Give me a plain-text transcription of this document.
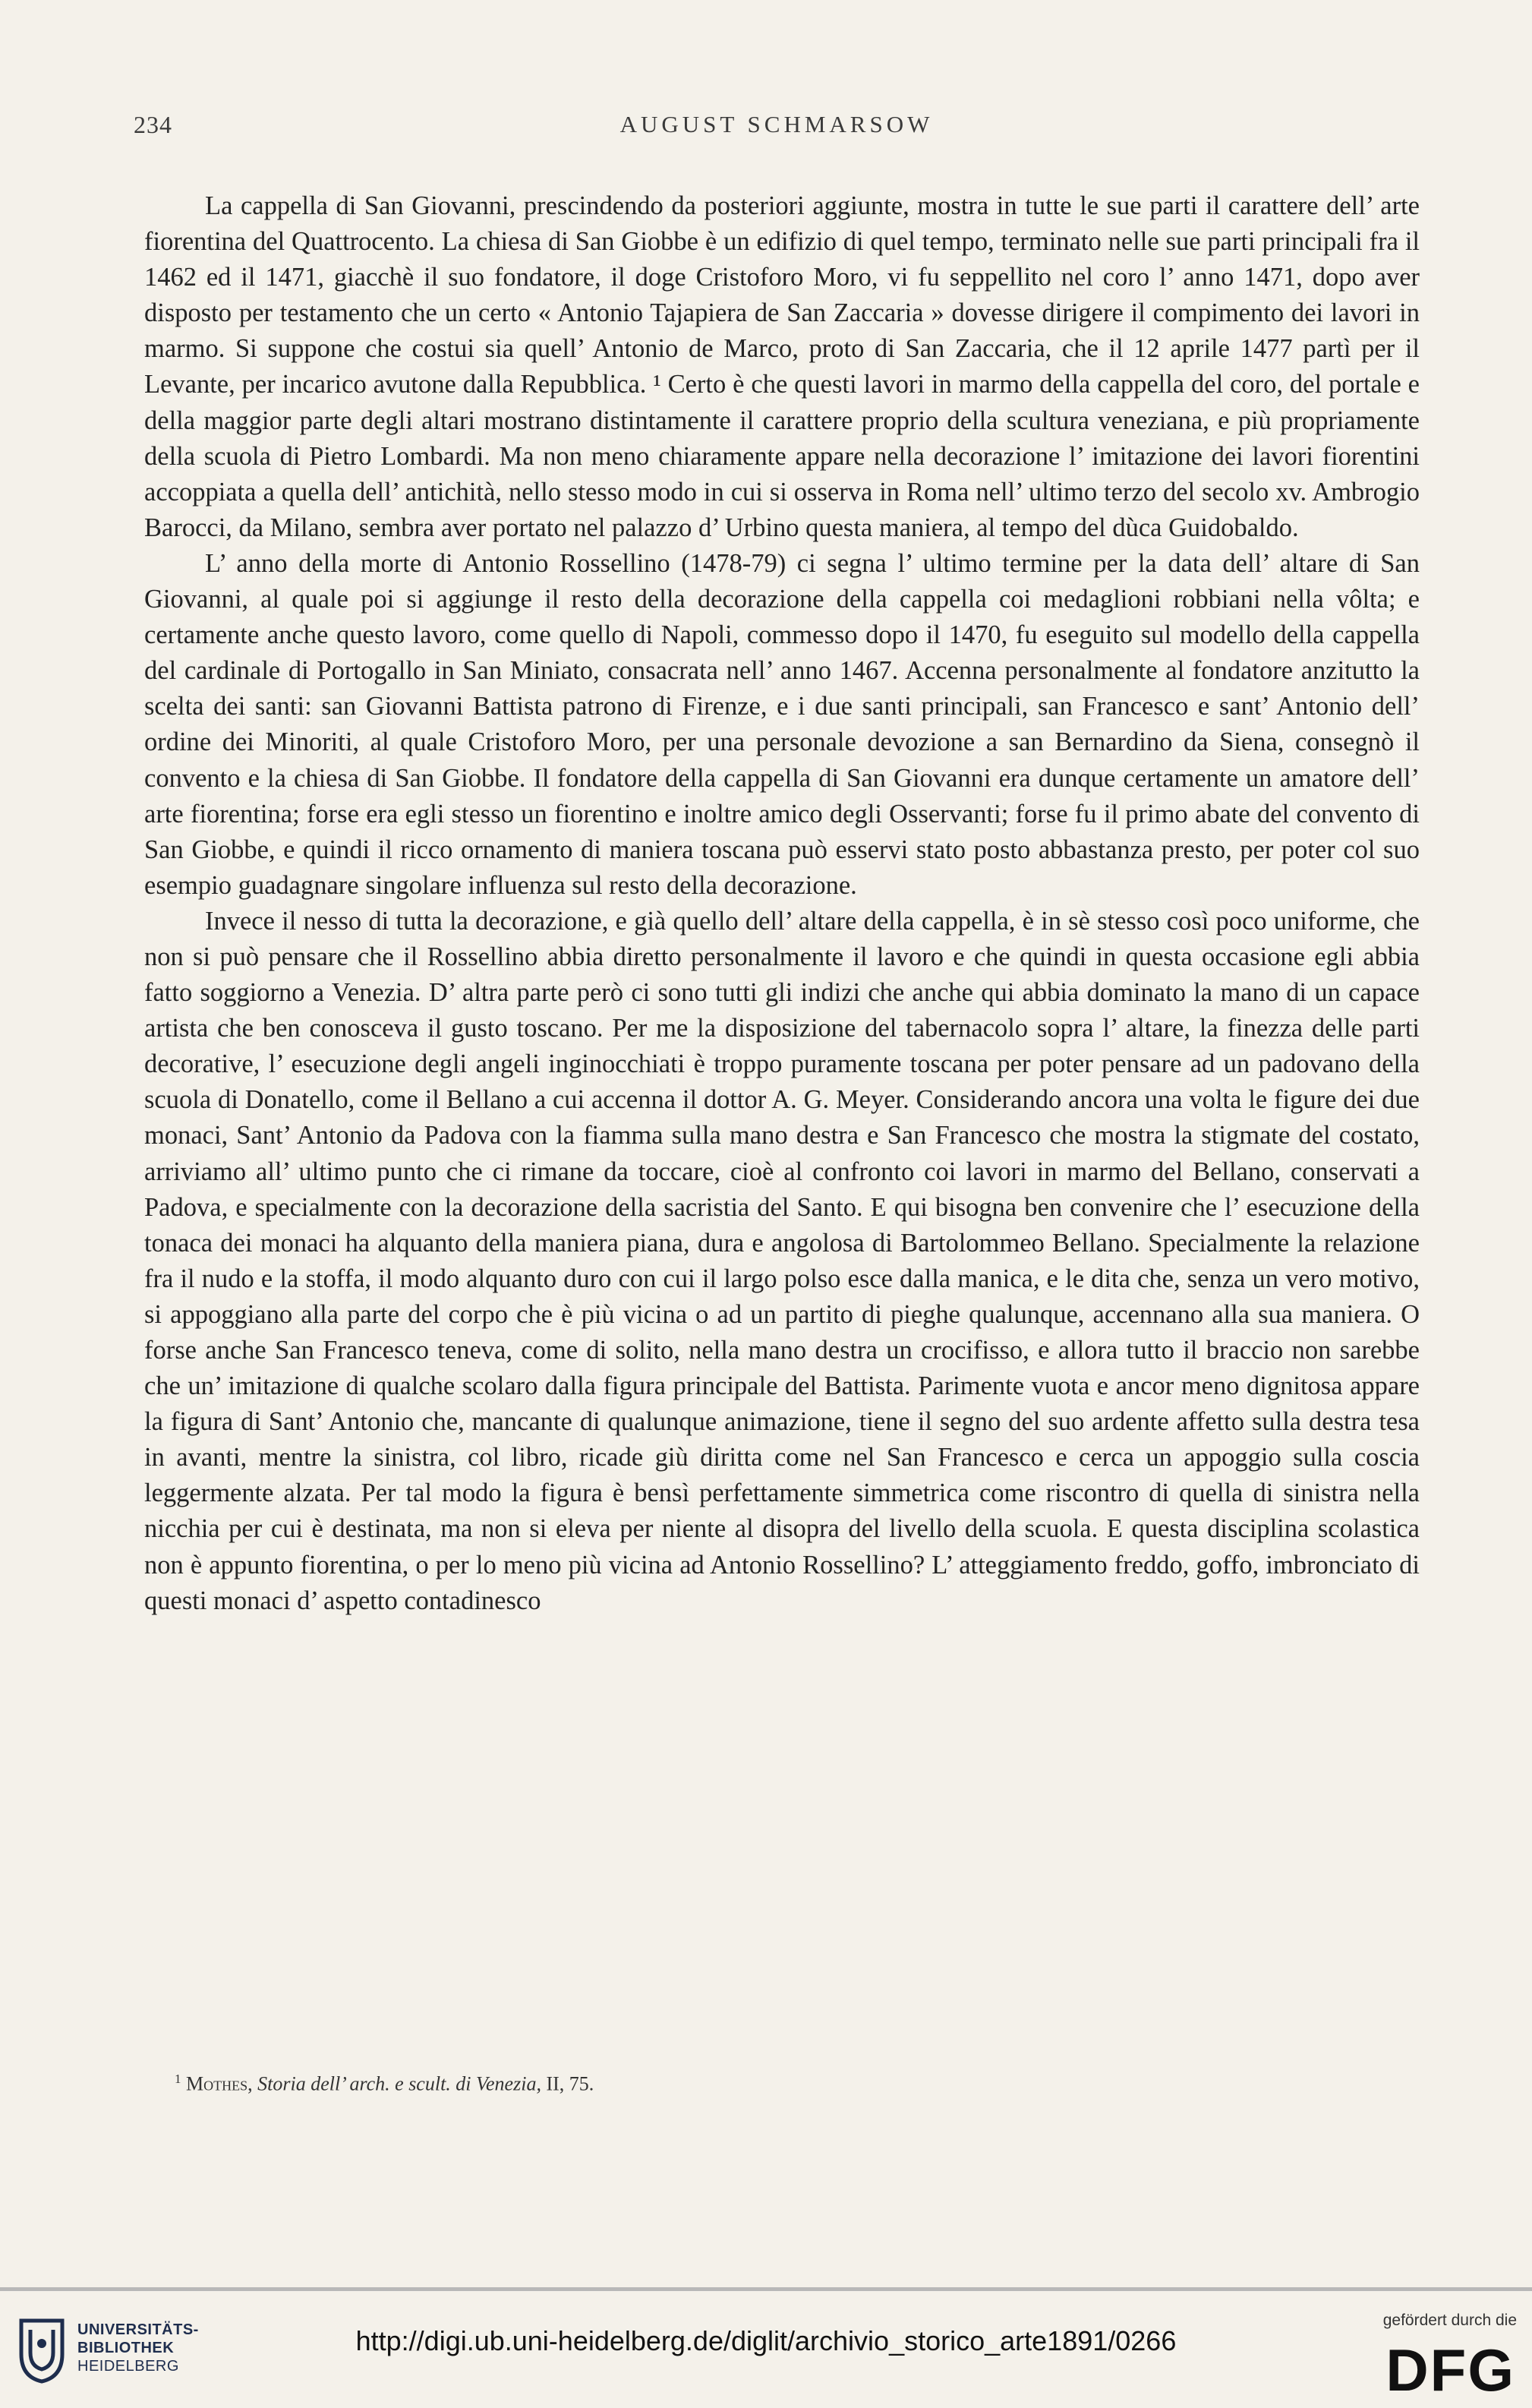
234	AUGUST SCHMARSOW

La cappella di San Giovanni, prescindendo da posteriori aggiunte, mostra in tutte le sue parti il carattere dell’ arte fiorentina del Quattrocento. La chiesa di San Giobbe è un edifizio di quel tempo, terminato nelle sue parti principali fra il 1462 ed il 1471, giacchè il suo fondatore, il doge Cristoforo Moro, vi fu seppellito nel coro l’ anno 1471, dopo aver disposto per testamento che un certo « Antonio Tajapiera de San Zaccaria » dovesse dirigere il compimento dei lavori in marmo. Si suppone che costui sia quell’ Antonio de Marco, proto di San Zaccaria, che il 12 aprile 1477 partì per il Levante, per incarico avutone dalla Repubblica. ¹ Certo è che questi lavori in marmo della cappella del coro, del portale e della maggior parte degli altari mostrano distintamente il carattere proprio della scultura veneziana, e più propriamente della scuola di Pietro Lombardi. Ma non meno chiaramente appare nella decorazione l’ imitazione dei lavori fiorentini accoppiata a quella dell’ antichità, nello stesso modo in cui si osserva in Roma nell’ ultimo terzo del secolo xv. Ambrogio Barocci, da Milano, sembra aver portato nel palazzo d’ Urbino questa maniera, al tempo del dùca Guidobaldo.

L’ anno della morte di Antonio Rossellino (1478-79) ci segna l’ ultimo termine per la data dell’ altare di San Giovanni, al quale poi si aggiunge il resto della decorazione della cappella coi medaglioni robbiani nella vôlta; e certamente anche questo lavoro, come quello di Napoli, commesso dopo il 1470, fu eseguito sul modello della cappella del cardinale di Portogallo in San Miniato, consacrata nell’ anno 1467. Accenna personalmente al fondatore anzitutto la scelta dei santi: san Giovanni Battista patrono di Firenze, e i due santi principali, san Francesco e sant’ Antonio dell’ ordine dei Minoriti, al quale Cristoforo Moro, per una personale devozione a san Bernardino da Siena, consegnò il convento e la chiesa di San Giobbe. Il fondatore della cappella di San Giovanni era dunque certamente un amatore dell’ arte fiorentina; forse era egli stesso un fiorentino e inoltre amico degli Osservanti; forse fu il primo abate del convento di San Giobbe, e quindi il ricco ornamento di maniera toscana può esservi stato posto abbastanza presto, per poter col suo esempio guadagnare singolare influenza sul resto della decorazione.

Invece il nesso di tutta la decorazione, e già quello dell’ altare della cappella, è in sè stesso così poco uniforme, che non si può pensare che il Rossellino abbia diretto personalmente il lavoro e che quindi in questa occasione egli abbia fatto soggiorno a Venezia. D’ altra parte però ci sono tutti gli indizi che anche qui abbia dominato la mano di un capace artista che ben conosceva il gusto toscano. Per me la disposizione del tabernacolo sopra l’ altare, la finezza delle parti decorative, l’ esecuzione degli angeli inginocchiati è troppo puramente toscana per poter pensare ad un padovano della scuola di Donatello, come il Bellano a cui accenna il dottor A. G. Meyer. Considerando ancora una volta le figure dei due monaci, Sant’ Antonio da Padova con la fiamma sulla mano destra e San Francesco che mostra la stigmate del costato, arriviamo all’ ultimo punto che ci rimane da toccare, cioè al confronto coi lavori in marmo del Bellano, conservati a Padova, e specialmente con la decorazione della sacristia del Santo. E qui bisogna ben convenire che l’ esecuzione della tonaca dei monaci ha alquanto della maniera piana, dura e angolosa di Bartolommeo Bellano. Specialmente la relazione fra il nudo e la stoffa, il modo alquanto duro con cui il largo polso esce dalla manica, e le dita che, senza un vero motivo, si appoggiano alla parte del corpo che è più vicina o ad un partito di pieghe qualunque, accennano alla sua maniera. O forse anche San Francesco teneva, come di solito, nella mano destra un crocifisso, e allora tutto il braccio non sarebbe che un’ imitazione di qualche scolaro dalla figura principale del Battista. Parimente vuota e ancor meno dignitosa appare la figura di Sant’ Antonio che, mancante di qualunque animazione, tiene il segno del suo ardente affetto sulla destra tesa in avanti, mentre la sinistra, col libro, ricade giù diritta come nel San Francesco e cerca un appoggio sulla coscia leggermente alzata. Per tal modo la figura è bensì perfettamente simmetrica come riscontro di quella di sinistra nella nicchia per cui è destinata, ma non si eleva per niente al disopra del livello della scuola. E questa disciplina scolastica non è appunto fiorentina, o per lo meno più vicina ad Antonio Rossellino? L’ atteggiamento freddo, goffo, imbronciato di questi monaci d’ aspetto contadinesco

$^1$ Mothes, Storia dell’ arch. e scult. di Venezia, II, 75.
UNIVERSITÄTS-
BIBLIOTHEK
HEIDELBERG
http://digi.ub.uni-heidelberg.de/diglit/archivio_storico_arte1891/0266
gefördert durch die
DFG
